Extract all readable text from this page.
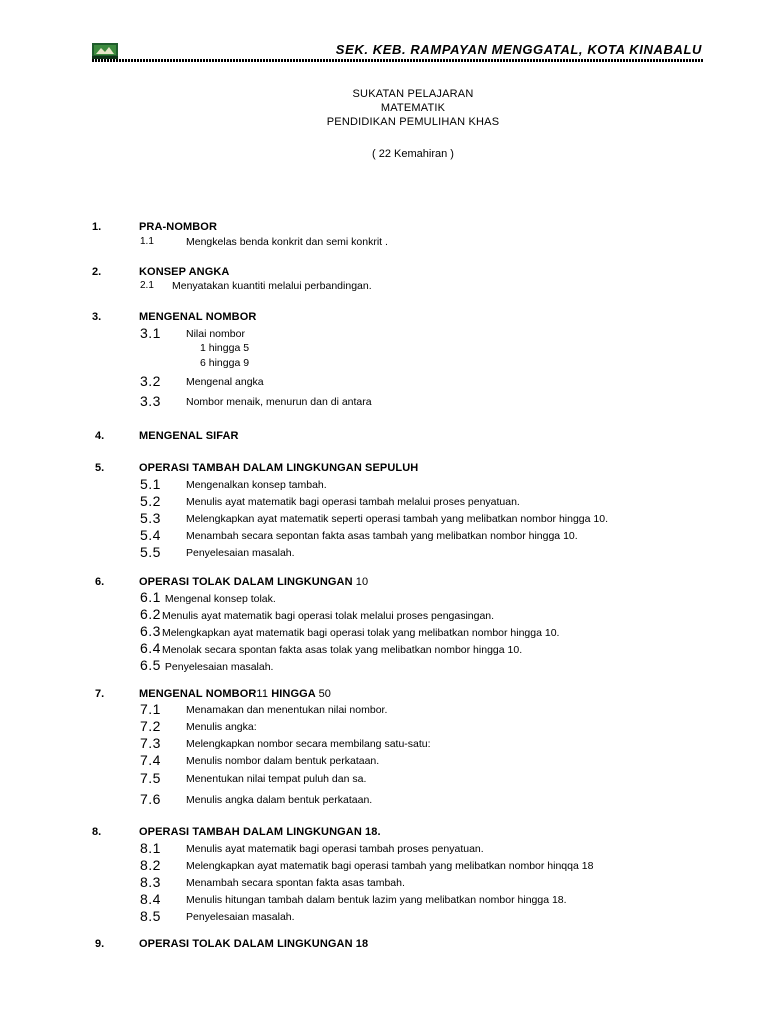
SEK. KEB. RAMPAYAN MENGGATAL, KOTA KINABALU
SUKATAN PELAJARAN
MATEMATIK
PENDIDIKAN PEMULIHAN KHAS
( 22 Kemahiran )
1.	PRA-NOMBOR
1.1	Mengkelas benda konkrit dan semi konkrit .
2.	KONSEP ANGKA
2.1 Menyatakan kuantiti melalui perbandingan.
3.	MENGENAL NOMBOR
3.1 Nilai nombor
1 hingga 5
6 hingga 9
3.2 Mengenal angka
3.3 Nombor menaik, menurun dan di antara
4.	MENGENAL SIFAR
5.	OPERASI TAMBAH DALAM LINGKUNGAN SEPULUH
5.1 Mengenalkan konsep tambah.
5.2 Menulis ayat matematik bagi operasi tambah melalui proses penyatuan.
5.3 Melengkapkan ayat matematik seperti operasi tambah yang melibatkan nombor hingga 10.
5.4 Menambah secara sepontan fakta asas tambah yang melibatkan nombor hingga 10.
5.5 Penyelesaian masalah.
6.	OPERASI TOLAK DALAM LINGKUNGAN 10
6.1 Mengenal konsep tolak.
6.2Menulis ayat matematik bagi operasi tolak melalui proses pengasingan.
6.3Melengkapkan ayat matematik bagi operasi tolak yang melibatkan nombor hingga 10.
6.4Menolak secara spontan fakta asas tolak yang melibatkan nombor hingga 10.
6.5 Penyelesaian masalah.
7.	MENGENAL NOMBOR11 HINGGA 50
7.1 Menamakan dan menentukan nilai nombor.
7.2 Menulis angka:
7.3 Melengkapkan nombor secara membilang satu-satu:
7.4 Menulis nombor dalam bentuk perkataan.
7.5 Menentukan nilai tempat puluh dan sa.
7.6 Menulis angka dalam bentuk perkataan.
8.	OPERASI TAMBAH DALAM LINGKUNGAN 18.
8.1 Menulis ayat matematik bagi operasi tambah proses penyatuan.
8.2 Melengkapkan ayat matematik bagi operasi tambah yang melibatkan nombor hinqqa 18
8.3 Menambah secara spontan fakta asas tambah.
8.4 Menulis hitungan tambah dalam bentuk lazim yang melibatkan nombor hingga 18.
8.5 Penyelesaian masalah.
9.	OPERASI TOLAK DALAM LINGKUNGAN 18
